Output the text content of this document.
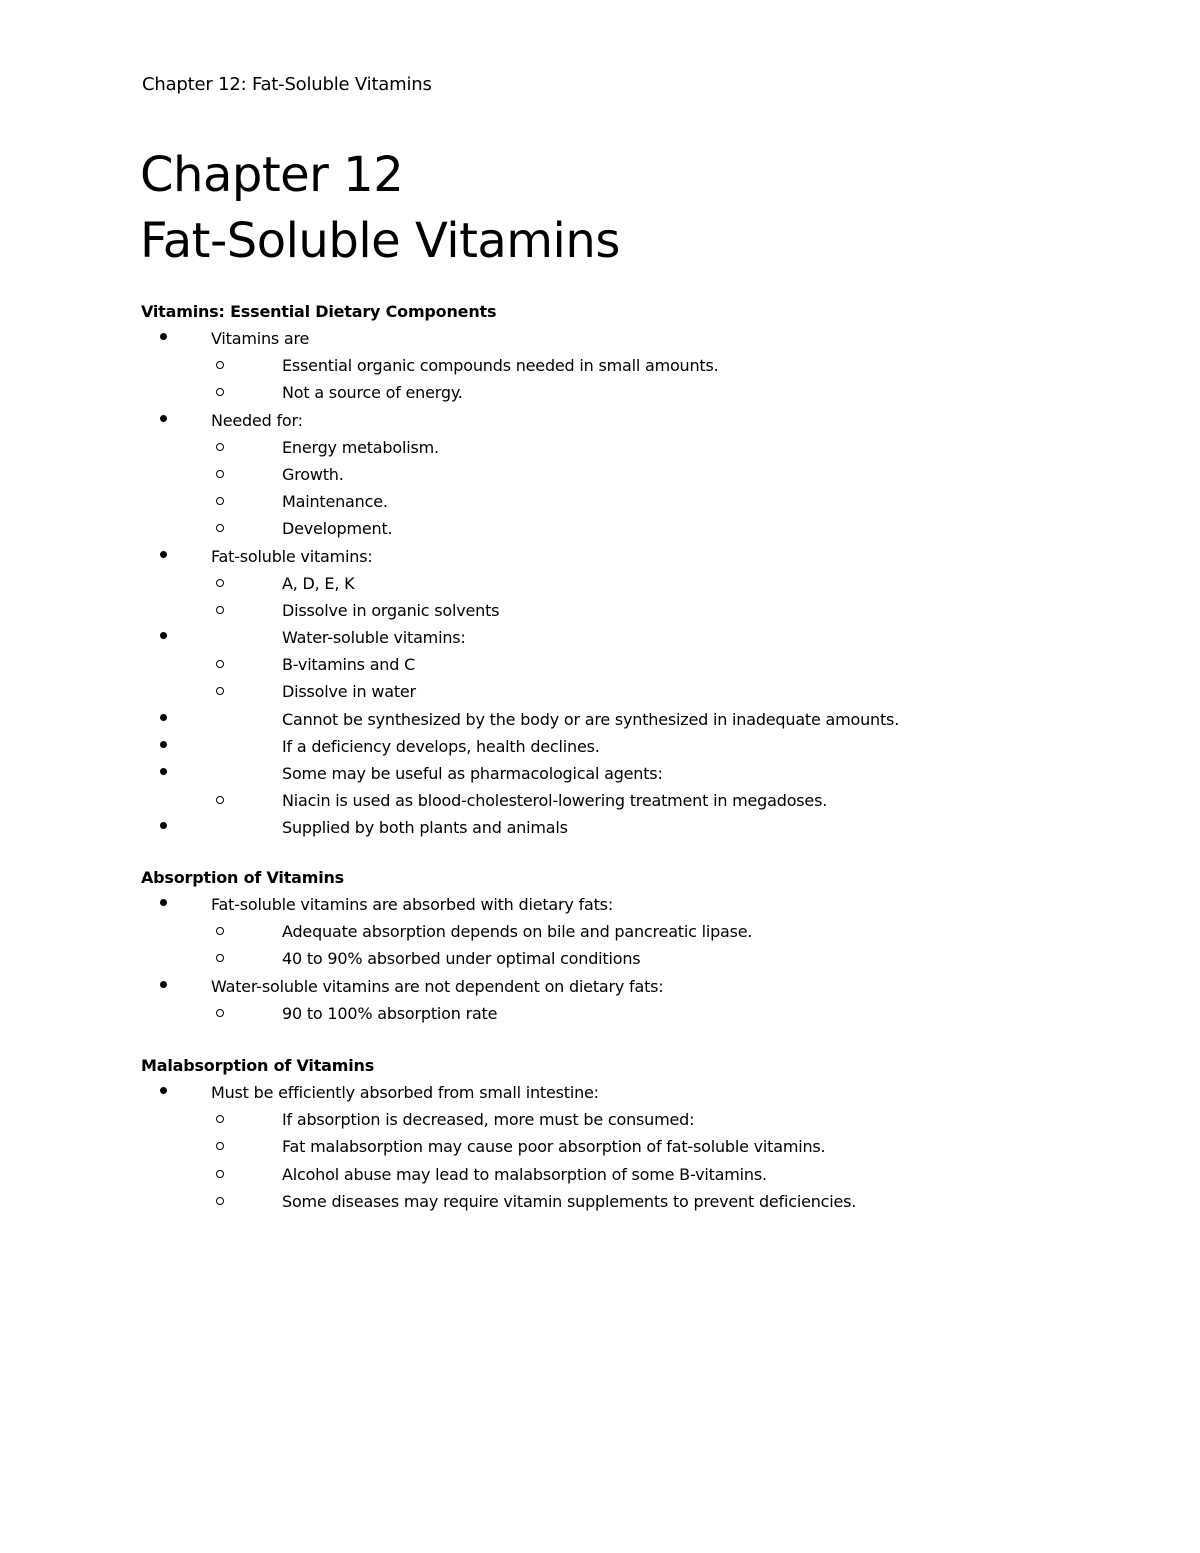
Chapter 12: Fat-Soluble Vitamins
Chapter 12
Fat-Soluble Vitamins
Vitamins: Essential Dietary Components
Vitamins are
Essential organic compounds needed in small amounts.
Not a source of energy.
Needed for:
Energy metabolism.
Growth.
Maintenance.
Development.
Fat-soluble vitamins:
A, D, E, K
Dissolve in organic solvents
Water-soluble vitamins:
B-vitamins and C
Dissolve in water
Cannot be synthesized by the body or are synthesized in inadequate amounts.
If a deficiency develops, health declines.
Some may be useful as pharmacological agents:
Niacin is used as blood-cholesterol-lowering treatment in megadoses.
Supplied by both plants and animals
Absorption of Vitamins
Fat-soluble vitamins are absorbed with dietary fats:
Adequate absorption depends on bile and pancreatic lipase.
40 to 90% absorbed under optimal conditions
Water-soluble vitamins are not dependent on dietary fats:
90 to 100% absorption rate
Malabsorption of Vitamins
Must be efficiently absorbed from small intestine:
If absorption is decreased, more must be consumed:
Fat malabsorption may cause poor absorption of fat-soluble vitamins.
Alcohol abuse may lead to malabsorption of some B-vitamins.
Some diseases may require vitamin supplements to prevent deficiencies.
